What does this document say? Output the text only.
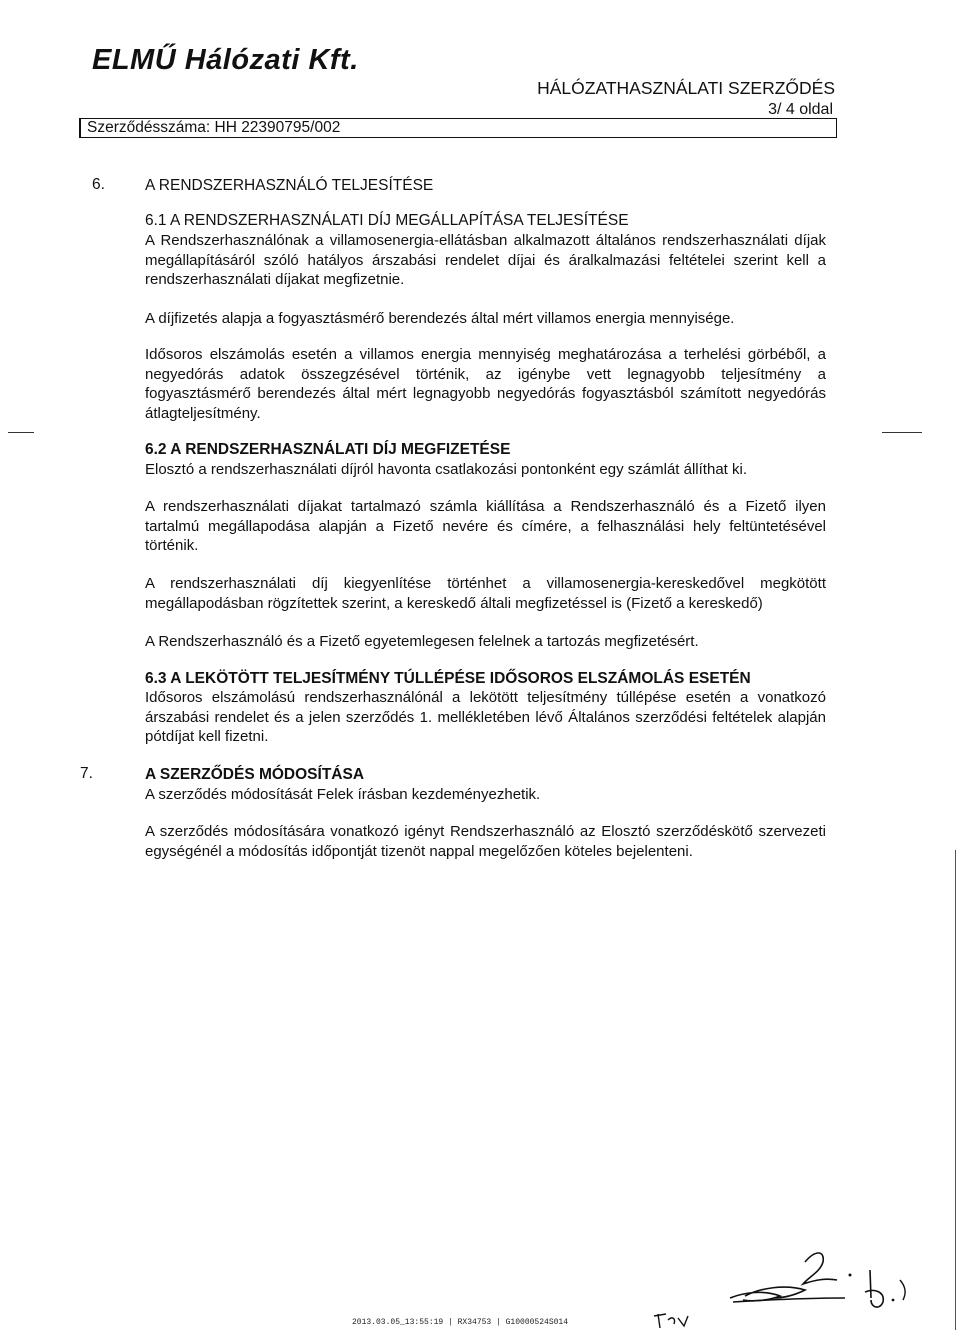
ELMŰ Hálózati Kft.
HÁLÓZATHASZNÁLATI SZERZŐDÉS
3/ 4 oldal
Szerződésszáma: HH 22390795/002
6.	A RENDSZERHASZNÁLÓ TELJESÍTÉSE
6.1 A RENDSZERHASZNÁLATI DÍJ MEGÁLLAPÍTÁSA TELJESÍTÉSE
A Rendszerhasználónak a villamosenergia-ellátásban alkalmazott általános rendszerhasználati díjak megállapításáról szóló hatályos árszabási rendelet díjai és áralkalmazási feltételei szerint kell a rendszerhasználati díjakat megfizetnie.
A díjfizetés alapja a fogyasztásmérő berendezés által mért villamos energia mennyisége.
Idősoros elszámolás esetén a villamos energia mennyiség meghatározása a terhelési görbéből, a negyedórás adatok összegzésével történik, az igénybe vett legnagyobb teljesítmény a fogyasztásmérő berendezés által mért legnagyobb negyedórás fogyasztásból számított negyedórás átlagteljesítmény.
6.2 A RENDSZERHASZNÁLATI DÍJ MEGFIZETÉSE
Elosztó a rendszerhasználati díjról havonta csatlakozási pontonként egy számlát állíthat ki.
A rendszerhasználati díjakat tartalmazó számla kiállítása a Rendszerhasználó és a Fizető ilyen tartalmú megállapodása alapján a Fizető nevére és címére, a felhasználási hely feltüntetésével történik.
A rendszerhasználati díj kiegyenlítése történhet a villamosenergia-kereskedővel megkötött megállapodásban rögzítettek szerint, a kereskedő általi megfizetéssel is (Fizető a kereskedő)
A Rendszerhasználó és a Fizető egyetemlegesen felelnek a tartozás megfizetésért.
6.3 A LEKÖTÖTT TELJESÍTMÉNY TÚLLÉPÉSE IDŐSOROS ELSZÁMOLÁS ESETÉN
Idősoros elszámolású rendszerhasználónál a lekötött teljesítmény túllépése esetén a vonatkozó árszabási rendelet és a jelen szerződés 1. mellékletében lévő Általános szerződési feltételek alapján pótdíjat kell fizetni.
7.	A SZERZŐDÉS MÓDOSÍTÁSA
A szerződés módosítását Felek írásban kezdeményezhetik.
A szerződés módosítására vonatkozó igényt Rendszerhasználó az Elosztó szerződéskötő szervezeti egységénél a módosítás időpontját tizenöt nappal megelőzően köteles bejelenteni.
2013.03.05_13:55:19 | RX34753 | G10000524S014
